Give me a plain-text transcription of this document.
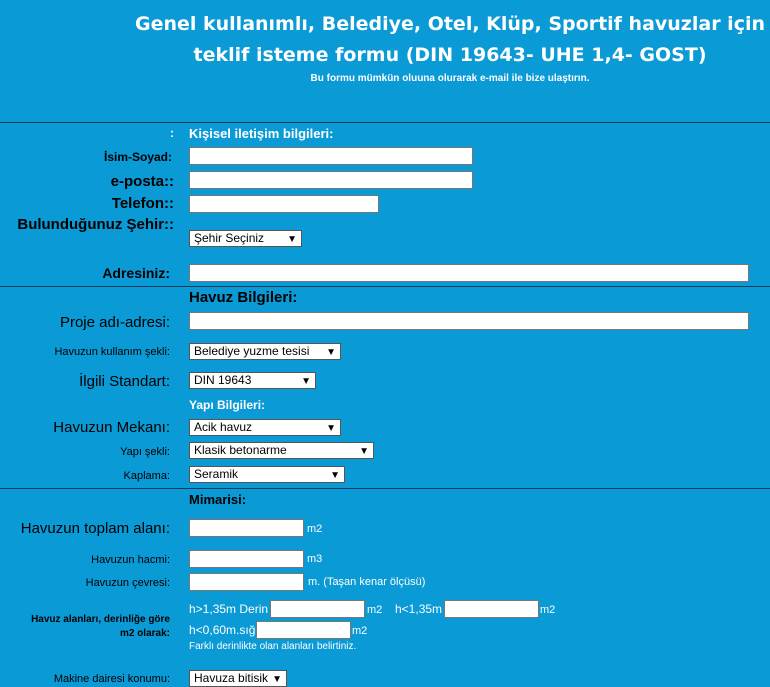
Genel kullanımlı, Belediye, Otel, Klüp, Sportif havuzlar için
teklif isteme formu (DIN 19643- UHE 1,4- GOST)
Bu formu mümkün oluuna olurarak e-mail ile bize ulaştırın.
: Kişisel iletişim bilgileri:
İsim-Soyad:
e-posta::
Telefon::
Bulunduğunuz Şehir::
Şehir Seçiniz ▼
Adresiniz:
Havuz Bilgileri:
Proje adı-adresi:
Havuzun kullanım şekli:	Belediye yuzme tesisi ▼
İlgili Standart:	DIN 19643	▼
Yapı Bilgileri:
Havuzun Mekanı:	Acik havuz	▼
Yapı şekli:	Klasik betonarme	▼
Kaplama:	Seramik	▼
Mimarisi:
Havuzun toplam alanı:	m2
Havuzun hacmi:	m3
Havuzun çevresi:	m. (Taşan kenar ölçüsü)
Havuz alanları, derinliğe göre
m2 olarak:
h>1,35m Derin	m2 h<1,35m	m2
h<0,60m.sığ	m2
Farklı derinlikte olan alanları belirtiniz.
Makine dairesi konumu:	Havuza bitisik ▼
